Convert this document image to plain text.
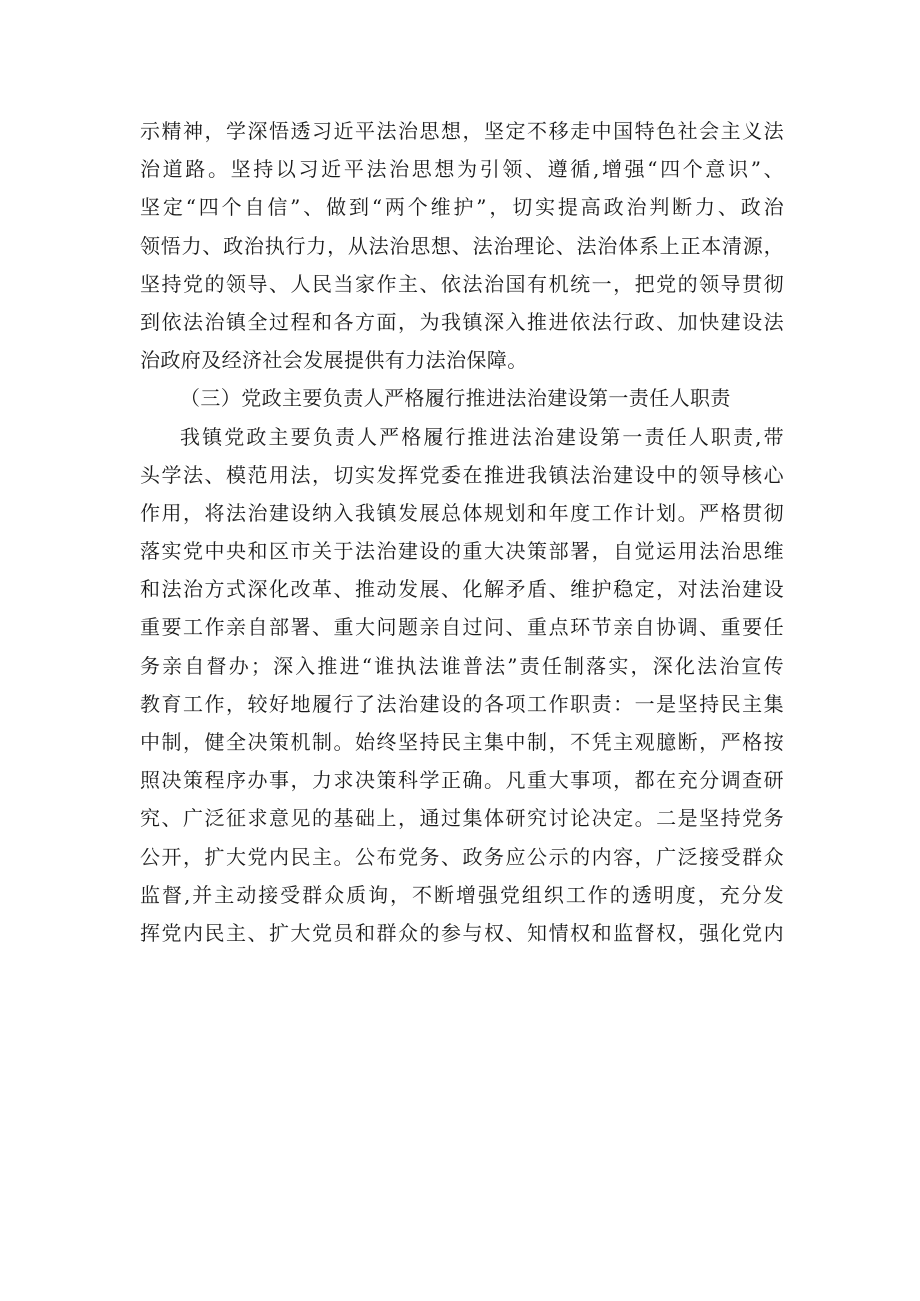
示精神，学深悟透习近平法治思想，坚定不移走中国特色社会主义法
治道路。坚持以习近平法治思想为引领、遵循,增强“四个意识”、
坚定“四个自信”、做到“两个维护”，切实提高政治判断力、政治
领悟力、政治执行力，从法治思想、法治理论、法治体系上正本清源，
坚持党的领导、人民当家作主、依法治国有机统一，把党的领导贯彻
到依法治镇全过程和各方面，为我镇深入推进依法行政、加快建设法
治政府及经济社会发展提供有力法治保障。
（三）党政主要负责人严格履行推进法治建设第一责任人职责
我镇党政主要负责人严格履行推进法治建设第一责任人职责,带
头学法、模范用法，切实发挥党委在推进我镇法治建设中的领导核心
作用，将法治建设纳入我镇发展总体规划和年度工作计划。严格贯彻
落实党中央和区市关于法治建设的重大决策部署，自觉运用法治思维
和法治方式深化改革、推动发展、化解矛盾、维护稳定，对法治建设
重要工作亲自部署、重大问题亲自过问、重点环节亲自协调、重要任
务亲自督办；深入推进“谁执法谁普法”责任制落实，深化法治宣传
教育工作，较好地履行了法治建设的各项工作职责：一是坚持民主集
中制，健全决策机制。始终坚持民主集中制，不凭主观臆断，严格按
照决策程序办事，力求决策科学正确。凡重大事项，都在充分调查研
究、广泛征求意见的基础上，通过集体研究讨论决定。二是坚持党务
公开，扩大党内民主。公布党务、政务应公示的内容，广泛接受群众
监督,并主动接受群众质询，不断增强党组织工作的透明度，充分发
挥党内民主、扩大党员和群众的参与权、知情权和监督权，强化党内
